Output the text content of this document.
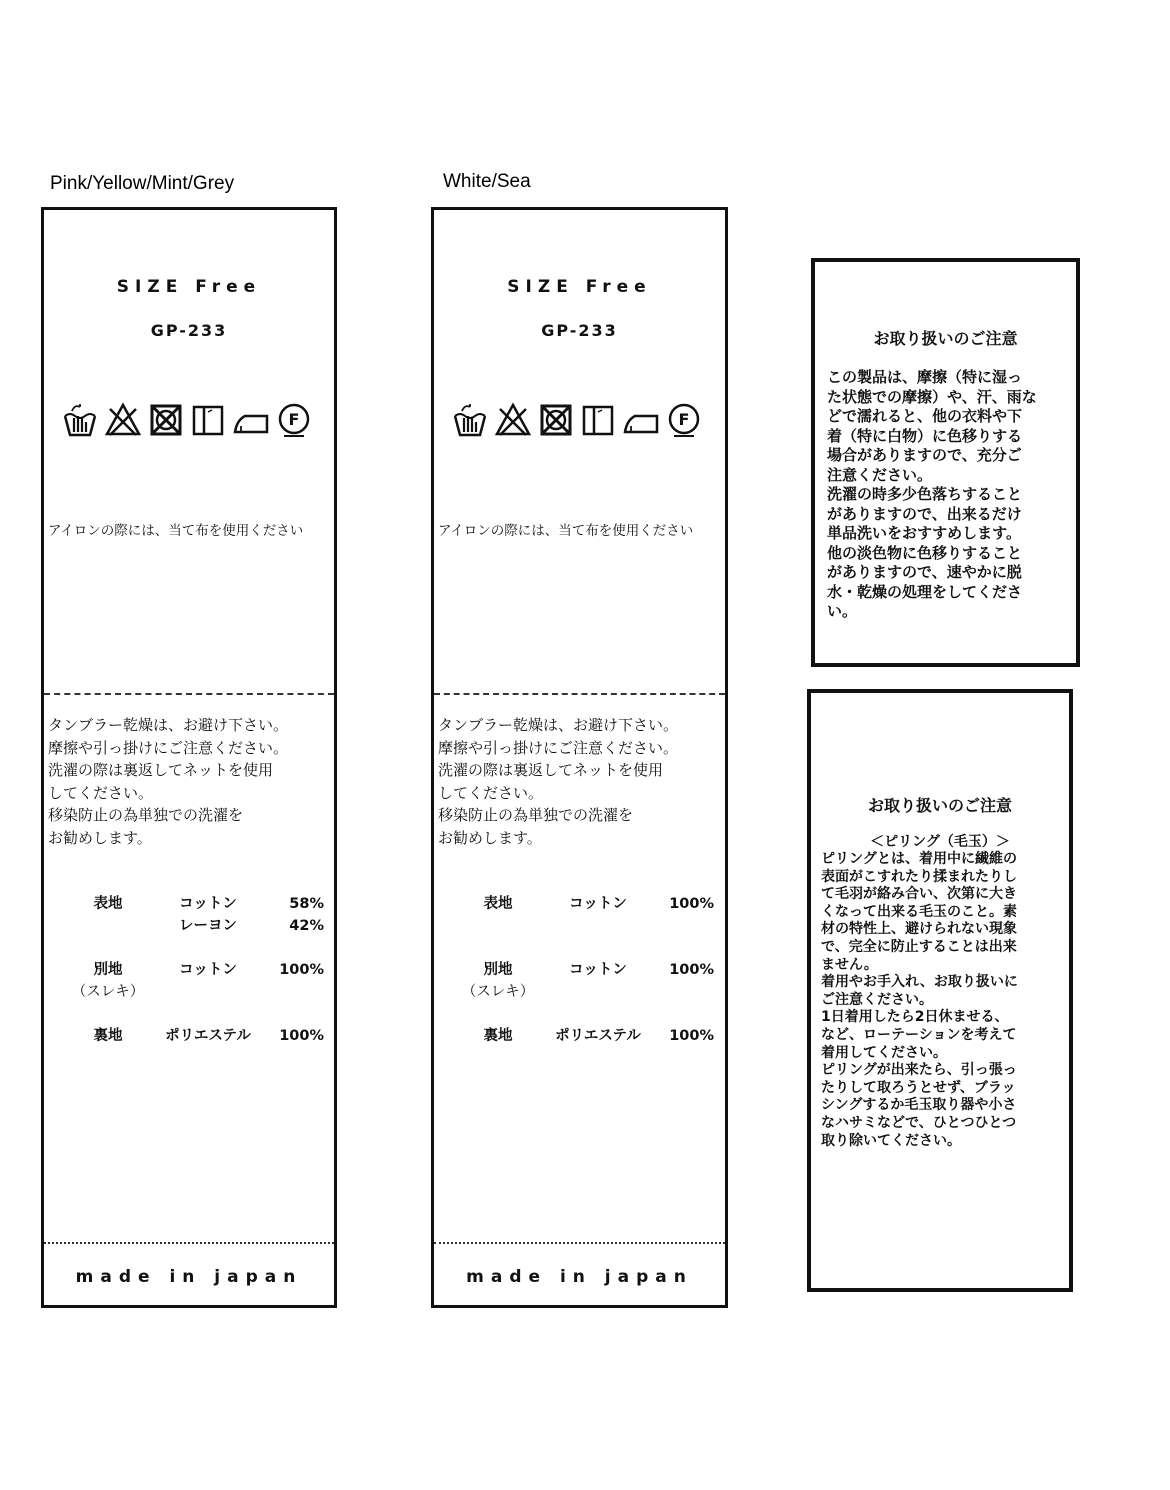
Pink/Yellow/Mint/Grey	White/Sea
SIZE Free
GP-233
F
アイロンの際には、当て布を使用ください
タンブラー乾燥は、お避け下さい。
摩擦や引っ掛けにご注意ください。
洗濯の際は裏返してネットを使用
してください。
移染防止の為単独での洗濯を
お勧めします。
表地	コットン	58%
	レーヨン	42%

別地	コットン	100%
（スレキ）		

裏地	ポリエステル	100%
made in japan
SIZE Free
GP-233
F
アイロンの際には、当て布を使用ください
タンブラー乾燥は、お避け下さい。
摩擦や引っ掛けにご注意ください。
洗濯の際は裏返してネットを使用
してください。
移染防止の為単独での洗濯を
お勧めします。
表地	コットン	100%

別地	コットン	100%
（スレキ）		

裏地	ポリエステル	100%
made in japan
お取り扱いのご注意
この製品は、摩擦（特に湿っ
た状態での摩擦）や、汗、雨な
どで濡れると、他の衣料や下
着（特に白物）に色移りする
場合がありますので、充分ご
注意ください。
洗濯の時多少色落ちすること
がありますので、出来るだけ
単品洗いをおすすめします。
他の淡色物に色移りすること
がありますので、速やかに脱
水・乾燥の処理をしてくださ
い。
お取り扱いのご注意
＜ピリング（毛玉）＞
ピリングとは、着用中に繊維の
表面がこすれたり揉まれたりし
て毛羽が絡み合い、次第に大き
くなって出来る毛玉のこと。素
材の特性上、避けられない現象
で、完全に防止することは出来
ません。
着用やお手入れ、お取り扱いに
ご注意ください。
1日着用したら2日休ませる、
など、ローテーションを考えて
着用してください。
ピリングが出来たら、引っ張っ
たりして取ろうとせず、ブラッ
シングするか毛玉取り器や小さ
なハサミなどで、ひとつひとつ
取り除いてください。
